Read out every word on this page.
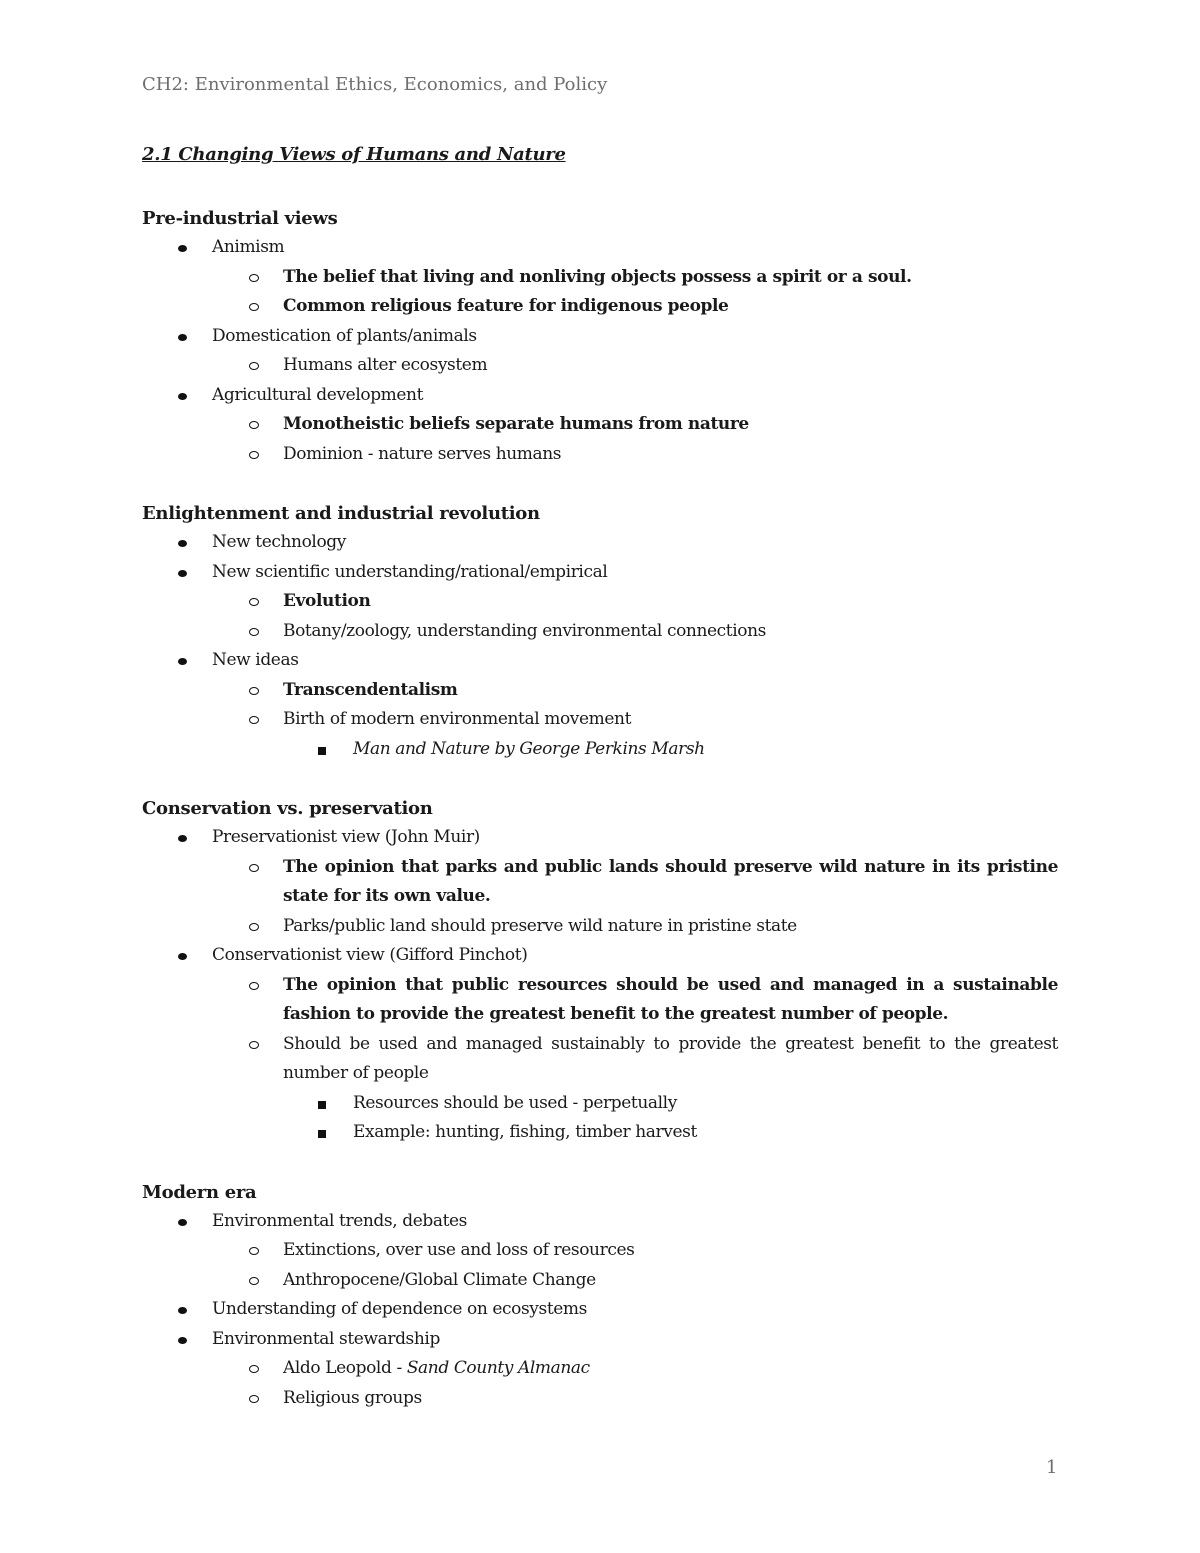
CH2: Environmental Ethics, Economics, and Policy
2.1 Changing Views of Humans and Nature
Pre-industrial views
Animism
The belief that living and nonliving objects possess a spirit or a soul.
Common religious feature for indigenous people
Domestication of plants/animals
Humans alter ecosystem
Agricultural development
Monotheistic beliefs separate humans from nature
Dominion - nature serves humans
Enlightenment and industrial revolution
New technology
New scientific understanding/rational/empirical
Evolution
Botany/zoology, understanding environmental connections
New ideas
Transcendentalism
Birth of modern environmental movement
Man and Nature by George Perkins Marsh
Conservation vs. preservation
Preservationist view (John Muir)
The opinion that parks and public lands should preserve wild nature in its pristine state for its own value.
Parks/public land should preserve wild nature in pristine state
Conservationist view (Gifford Pinchot)
The opinion that public resources should be used and managed in a sustainable fashion to provide the greatest benefit to the greatest number of people.
Should be used and managed sustainably to provide the greatest benefit to the greatest number of people
Resources should be used - perpetually
Example: hunting, fishing, timber harvest
Modern era
Environmental trends, debates
Extinctions, over use and loss of resources
Anthropocene/Global Climate Change
Understanding of dependence on ecosystems
Environmental stewardship
Aldo Leopold - Sand County Almanac
Religious groups
1
